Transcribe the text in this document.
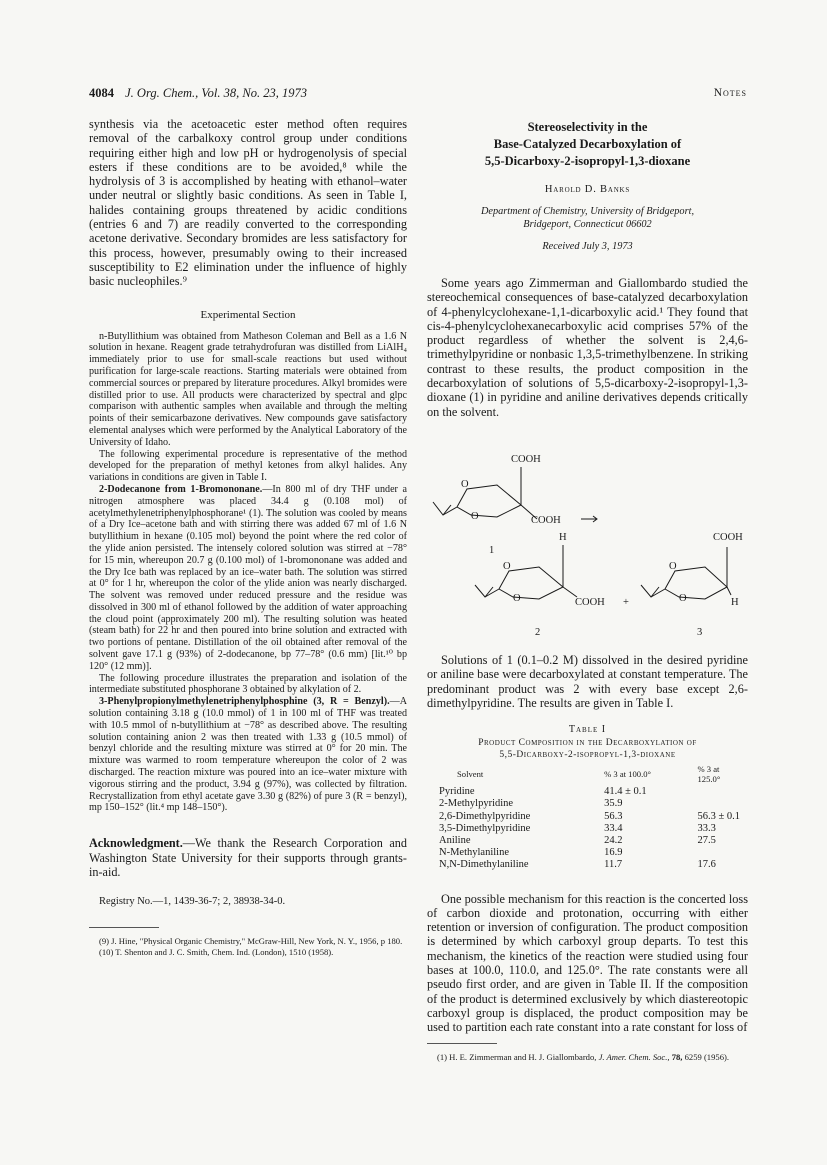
4084 J. Org. Chem., Vol. 38, No. 23, 1973	Notes

synthesis via the acetoacetic ester method often requires removal of the carbalkoxy control group under conditions requiring either high and low pH or hydrogenolysis of special esters if these conditions are to be avoided,⁸ while the hydrolysis of 3 is accomplished by heating with ethanol–water under neutral or slightly basic conditions. As seen in Table I, halides containing groups threatened by acidic conditions (entries 6 and 7) are readily converted to the corresponding acetone derivative. Secondary bromides are less satisfactory for this process, however, presumably owing to their increased susceptibility to E2 elimination under the influence of highly basic nucleophiles.⁹

Experimental Section

n-Butyllithium was obtained from Matheson Coleman and Bell as a 1.6 N solution in hexane. Reagent grade tetrahydrofuran was distilled from LiAlH₄ immediately prior to use for small-scale reactions but used without purification for large-scale reactions. Starting materials were obtained from commercial sources or prepared by literature procedures. Alkyl bromides were distilled prior to use. All products were characterized by spectral and glpc comparison with authentic samples when available and through the melting points of their semicarbazone derivatives. New compounds gave satisfactory elemental analyses which were performed by the Analytical Laboratory of the University of Idaho.

The following experimental procedure is representative of the method developed for the preparation of methyl ketones from alkyl halides. Any variations in conditions are given in Table I.

2-Dodecanone from 1-Bromononane.—In 800 ml of dry THF under a nitrogen atmosphere was placed 34.4 g (0.108 mol) of acetylmethylenetriphenylphosphorane¹ (1). The solution was cooled by means of a Dry Ice–acetone bath and with stirring there was added 67 ml of 1.6 N butyllithium in hexane (0.105 mol) beyond the point where the red color of the ylide anion persisted. The intensely colored solution was stirred at −78° for 15 min, whereupon 20.7 g (0.100 mol) of 1-bromononane was added and the Dry Ice bath was replaced by an ice–water bath. The solution was stirred at 0° for 1 hr, whereupon the color of the ylide anion was nearly discharged. The solvent was removed under reduced pressure and the residue was dissolved in 300 ml of ethanol followed by the addition of water approaching the cloud point (approximately 200 ml). The resulting solution was heated (steam bath) for 22 hr and then poured into brine solution and extracted with two portions of pentane. Distillation of the oil obtained after removal of the solvent gave 17.1 g (93%) of 2-dodecanone, bp 77–78° (0.6 mm) [lit.¹⁰ bp 120° (12 mm)].

The following procedure illustrates the preparation and isolation of the intermediate substituted phosphorane 3 obtained by alkylation of 2.

3-Phenylpropionylmethylenetriphenylphosphine (3, R = Benzyl).—A solution containing 3.18 g (10.0 mmol) of 1 in 100 ml of THF was treated with 10.5 mmol of n-butyllithium at −78° as described above. The resulting solution containing anion 2 was then treated with 1.33 g (10.5 mmol) of benzyl chloride and the resulting mixture was stirred at 0° for 20 min. The mixture was warmed to room temperature whereupon the color of 2 was discharged. The reaction mixture was poured into an ice–water mixture with vigorous stirring and the product, 3.94 g (97%), was collected by filtration. Recrystallization from ethyl acetate gave 3.30 g (82%) of pure 3 (R = benzyl), mp 150–152° (lit.⁴ mp 148–150°).

Acknowledgment.—We thank the Research Corporation and Washington State University for their supports through grants-in-aid.

Registry No.—1, 1439-36-7; 2, 38938-34-0.

(9) J. Hine, "Physical Organic Chemistry," McGraw-Hill, New York, N. Y., 1956, p 180.

(10) T. Shenton and J. C. Smith, Chem. Ind. (London), 1510 (1958).

Stereoselectivity in the
Base-Catalyzed Decarboxylation of
5,5-Dicarboxy-2-isopropyl-1,3-dioxane
Harold D. Banks
Department of Chemistry, University of Bridgeport,
Bridgeport, Connecticut 06602
Received July 3, 1973

Some years ago Zimmerman and Giallombardo studied the stereochemical consequences of base-catalyzed decarboxylation of 4-phenylcyclohexane-1,1-dicarboxylic acid.¹ They found that cis-4-phenylcyclohexanecarboxylic acid comprises 57% of the product regardless of whether the solvent is 2,4,6-trimethylpyridine or nonbasic 1,3,5-trimethylbenzene. In striking contrast to these results, the product composition in the decarboxylation of solutions of 5,5-dicarboxy-2-isopropyl-1,3-dioxane (1) in pyridine and aniline derivatives depends critically on the solvent.

COOH
O
O	COOH
1
H
O
O	COOH +
2
COOH
O
O	H
3

Solutions of 1 (0.1–0.2 M) dissolved in the desired pyridine or aniline base were decarboxylated at constant temperature. The predominant product was 2 with every base except 2,6-dimethylpyridine. The results are given in Table I.

Table I
Product Composition in the Decarboxylation of
5,5-Dicarboxy-2-isopropyl-1,3-dioxane
Solvent	% 3 at 100.0°	% 3 at 125.0°
Pyridine	41.4 ± 0.1	
2-Methylpyridine	35.9	
2,6-Dimethylpyridine	56.3	56.3 ± 0.1
3,5-Dimethylpyridine	33.4	33.3
Aniline	24.2	27.5
N-Methylaniline	16.9	
N,N-Dimethylaniline	11.7	17.6

One possible mechanism for this reaction is the concerted loss of carbon dioxide and protonation, occurring with either retention or inversion of configuration. The product composition is determined by which carboxyl group departs. To test this mechanism, the kinetics of the reaction were studied using four bases at 100.0, 110.0, and 125.0°. The rate constants were all pseudo first order, and are given in Table II. If the composition of the product is determined exclusively by which diastereotopic carboxyl group is displaced, the product composition may be used to partition each rate constant into a rate constant for loss of

(1) H. E. Zimmerman and H. J. Giallombardo, J. Amer. Chem. Soc., 78, 6259 (1956).
